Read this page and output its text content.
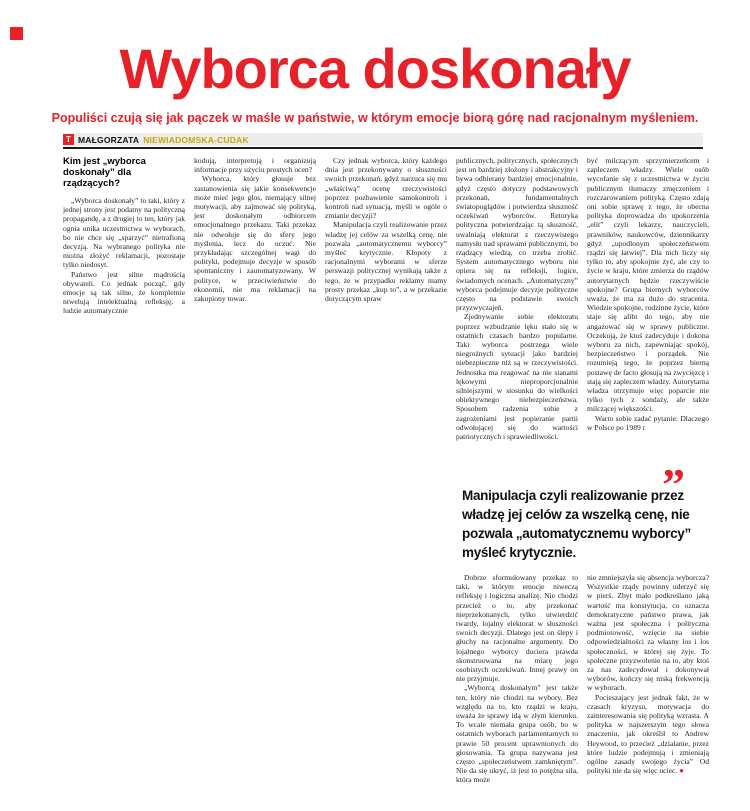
Wyborca doskonały

Populiści czują się jak pączek w maśle w państwie, w którym emocje biorą górę nad racjonalnym myśleniem.

T MAŁGORZATA NIEWIADOMSKA-CUDAK
Kim jest „wyborca doskonały” dla rządzących?

„Wyborca doskonały” to taki, który z jednej strony jest podatny na polityczną propagandę, a z drugiej to ten, który jak ognia unika uczestnictwa w wyborach, bo nie chce się „sparzyć” nietrafioną decyzją. Na wybranego polityka nie można złożyć reklamacji, pozostaje tylko niedosyt.

Państwo jest silne mądrością obywateli. Co jednak począć, gdy emocje są tak silne, że kompletnie niwelują intelektualną refleksję, a ludzie automatycznie

kodują, interpretują i organizują informacje przy użyciu prostych ocen?

Wyborca, który głosuje bez zastanowienia się jakie konsekwencje może mieć jego głos, niemający silnej motywacji, aby zajmować się polityką, jest doskonałym odbiorcem emocjonalnego przekazu. Taki przekaz nie odwołuje się do sfery jego myślenia, lecz do uczuć. Nie przykładając szczególnej wagi do polityki, podejmuje decyzje w sposób spontaniczny i zautomatyzowany. W polityce, w przeciwieństwie do ekonomii, nie ma reklamacji na zakupiony towar.

Czy jednak wyborca, który każdego dnia jest przekonywany o słuszności swoich przekonań, gdyż narzuca się mu „właściwą” ocenę rzeczywistości poprzez pozbawienie samokontroli i kontroli nad sytuacją, myśli w ogóle o zmianie decyzji?

Manipulacja czyli realizowanie przez władzę jej celów za wszelką cenę, nie pozwala „automatycznemu wyborcy” myśleć krytycznie. Kłopoty z racjonalnymi wyborami w sferze perswazji politycznej wynikają także z tego, że w przypadku reklamy mamy prosty przekaz „kup to”, a w przekazie dotyczącym spraw

publicznych, politycznych, społecznych jest on bardziej złożony i abstrakcyjny i bywa odbierany bardziej emocjonalnie, gdyż często dotyczy podstawowych przekonań, fundamentalnych światopoglądów i potwierdza słuszność oczekiwań wyborców. Retoryka polityczna potwierdzając tą słuszność, uwalniają elektorat z rzeczywistego namysłu nad sprawami publicznymi, bo rządzący wiedzą, co trzeba zrobić. System automatycznego wyboru nie opiera się na refleksji, logice, świadomych ocenach. „Automatyczny” wyborca podejmuje decyzje polityczne często na podstawie swoich przyzwyczajeń.

Zjednywanie sobie elektoratu poprzez wzbudzanie lęku stało się w ostatnich czasach bardzo popularne. Taki wyborca postrzega wiele niegroźnych sytuacji jako bardziej niebezpieczne niż są w rzeczywistości. Jednostka ma reagować na nie stanami lękowymi nieproporcjonalnie silniejszymi w stosunku do wielkości obiektywnego niebezpieczeństwa. Sposobem radzenia sobie z zagrożeniami jest popieranie partii odwołującej się do wartości patriotycznych i sprawiedliwości.

być milczącym sprzymierzeńcem i zapleczem władzy. Wiele osób wycofanie się z uczestnictwa w życiu publicznym tłumaczy zmęczeniem i rozczarowaniem polityką. Często zdają oni sobie sprawę z tego, że obecna polityka doprowadza do upokorzenia „elit” czyli lekarzy, nauczycieli, prawników, naukowców, dziennikarzy gdyż „upodlonym społeczeństwem rządzi się łatwiej”. Dla nich liczy się tylko to, aby spokojnie żyć, ale czy to życie w kraju, które zmierza do rządów autorytarnych będzie rzeczywiście spokojne? Grupa biernych wyborców uważa, że ma za dużo do stracenia. Wiedzie spokojne, rodzinne życie, które staje się alibi do tego, aby nie angażować się w sprawy publiczne. Oczekują, że ktoś zadecyduje i dokona wyboru za nich, zapewniając spokój, bezpieczeństwo i porządek. Nie rozumieją tego, że poprzez bierną postawę de facto głosują na zwycięzcę i stają się zapleczem władzy. Autorytarna władza otrzymuje więc poparcie nie tylko tych z sondaży, ale także milczącej większości.

Warto sobie zadać pytanie: Dlaczego w Polsce po 1989 r

”

Manipulacja czyli realizowanie przez władzę jej celów za wszelką cenę, nie pozwala „automatycznemu wyborcy” myśleć krytycznie.

Dobrze sformułowany przekaz to taki, w którym emocje niweczą refleksję i logiczna analizę. Nie chodzi przecież o to, aby przekonać nieprzekonanych, tylko utwierdzić twardy, lojalny elektorat w słuszności swoich decyzji. Dlatego jest on ślepy i głuchy na racjonalne argumenty. Do lojalnego wyborcy dociera prawda skonstruowana na miarę jego osobistych oczekiwań. Innej prawy on nie przyjmuje.

„Wyborcą doskonałym” jest także ten, który nie chodzi na wybory. Bez względu na to, kto rządzi w kraju, uważa że sprawy idą w złym kierunku. To wcale niemała grupa osób, bo w ostatnich wyborach parlamentarnych to prawie 50 procent uprawnionych do głosowania. Ta grupa nazywana jest często „społeczeństwem zamkniętym”. Nie da się ukryć, iż jest to potężna siła, która może

nie zmniejszyła się absencja wyborcza? Wszystkie rządy powinny uderzyć się w pierś. Zbyt mało podkreślano jaką wartość ma konstytucja, co oznacza demokratyczne państwo prawa, jak ważna jest społeczna i polityczna podmiotowość, wzięcie na siebie odpowiedzialności za własny los i los społeczności, w której się żyje. To społeczne przyzwolenie na to, aby ktoś za nas zadecydował i dokonywał wyborów, kończy się niską frekwencją w wyborach.

Pocieszający jest jednak fakt, że w czasach kryzysu, motywacja do zainteresowania się polityką wzrasta. A polityka w najszerszym tego słowa znaczeniu, jak określił to Andrew Heywood, to przecież „działanie, przez które ludzie podejmują i zmieniają ogólne zasady swojego życia” Od polityki nie da się więc uciec. ●
